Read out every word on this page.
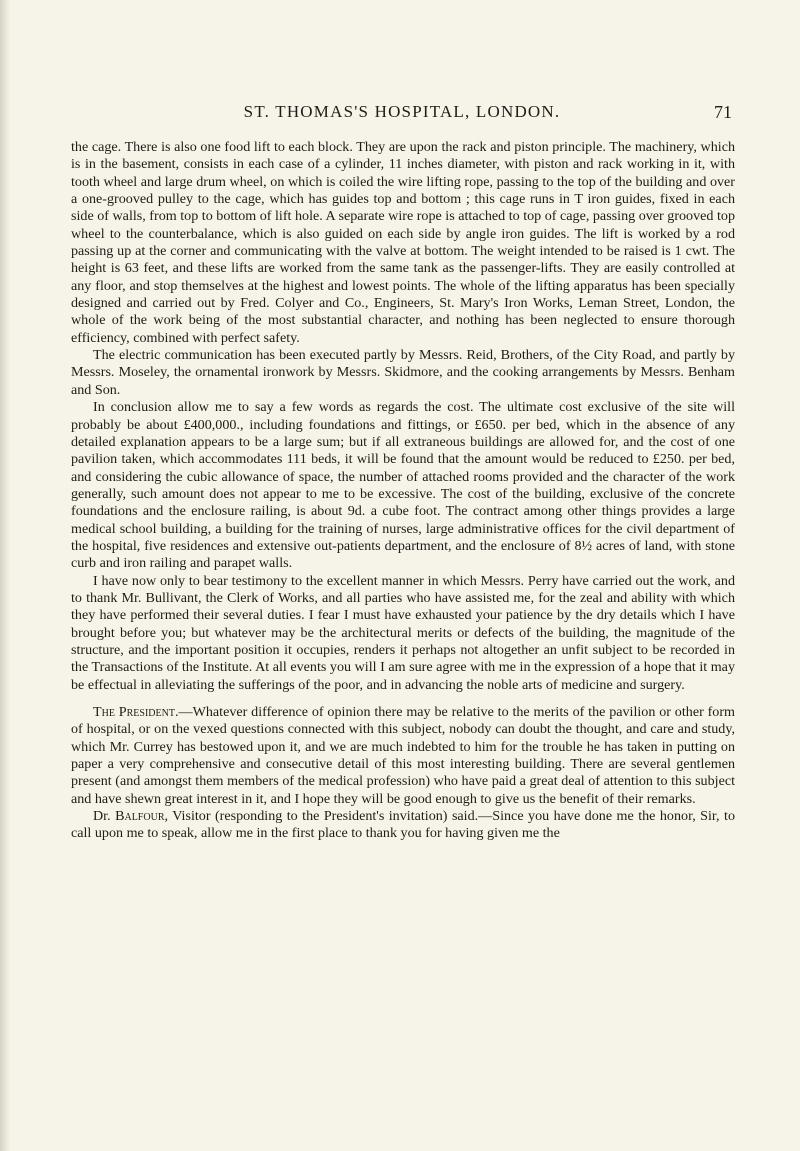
ST. THOMAS'S HOSPITAL, LONDON.	71

the cage. There is also one food lift to each block. They are upon the rack and piston principle. The machinery, which is in the basement, consists in each case of a cylinder, 11 inches diameter, with piston and rack working in it, with tooth wheel and large drum wheel, on which is coiled the wire lifting rope, passing to the top of the building and over a one-grooved pulley to the cage, which has guides top and bottom ; this cage runs in T iron guides, fixed in each side of walls, from top to bottom of lift hole. A separate wire rope is attached to top of cage, passing over grooved top wheel to the counterbalance, which is also guided on each side by angle iron guides. The lift is worked by a rod passing up at the corner and communicating with the valve at bottom. The weight intended to be raised is 1 cwt. The height is 63 feet, and these lifts are worked from the same tank as the passenger-lifts. They are easily controlled at any floor, and stop themselves at the highest and lowest points. The whole of the lifting apparatus has been specially designed and carried out by Fred. Colyer and Co., Engineers, St. Mary's Iron Works, Leman Street, London, the whole of the work being of the most substantial character, and nothing has been neglected to ensure thorough efficiency, combined with perfect safety.

The electric communication has been executed partly by Messrs. Reid, Brothers, of the City Road, and partly by Messrs. Moseley, the ornamental ironwork by Messrs. Skidmore, and the cooking arrangements by Messrs. Benham and Son.

In conclusion allow me to say a few words as regards the cost. The ultimate cost exclusive of the site will probably be about £400,000., including foundations and fittings, or £650. per bed, which in the absence of any detailed explanation appears to be a large sum; but if all extraneous buildings are allowed for, and the cost of one pavilion taken, which accommodates 111 beds, it will be found that the amount would be reduced to £250. per bed, and considering the cubic allowance of space, the number of attached rooms provided and the character of the work generally, such amount does not appear to me to be excessive. The cost of the building, exclusive of the concrete foundations and the enclosure railing, is about 9d. a cube foot. The contract among other things provides a large medical school building, a building for the training of nurses, large administrative offices for the civil department of the hospital, five residences and extensive out-patients department, and the enclosure of 8½ acres of land, with stone curb and iron railing and parapet walls.

I have now only to bear testimony to the excellent manner in which Messrs. Perry have carried out the work, and to thank Mr. Bullivant, the Clerk of Works, and all parties who have assisted me, for the zeal and ability with which they have performed their several duties. I fear I must have exhausted your patience by the dry details which I have brought before you; but whatever may be the architectural merits or defects of the building, the magnitude of the structure, and the important position it occupies, renders it perhaps not altogether an unfit subject to be recorded in the Transactions of the Institute. At all events you will I am sure agree with me in the expression of a hope that it may be effectual in alleviating the sufferings of the poor, and in advancing the noble arts of medicine and surgery.

The President.—Whatever difference of opinion there may be relative to the merits of the pavilion or other form of hospital, or on the vexed questions connected with this subject, nobody can doubt the thought, and care and study, which Mr. Currey has bestowed upon it, and we are much indebted to him for the trouble he has taken in putting on paper a very comprehensive and consecutive detail of this most interesting building. There are several gentlemen present (and amongst them members of the medical profession) who have paid a great deal of attention to this subject and have shewn great interest in it, and I hope they will be good enough to give us the benefit of their remarks.

Dr. Balfour, Visitor (responding to the President's invitation) said.—Since you have done me the honor, Sir, to call upon me to speak, allow me in the first place to thank you for having given me the
